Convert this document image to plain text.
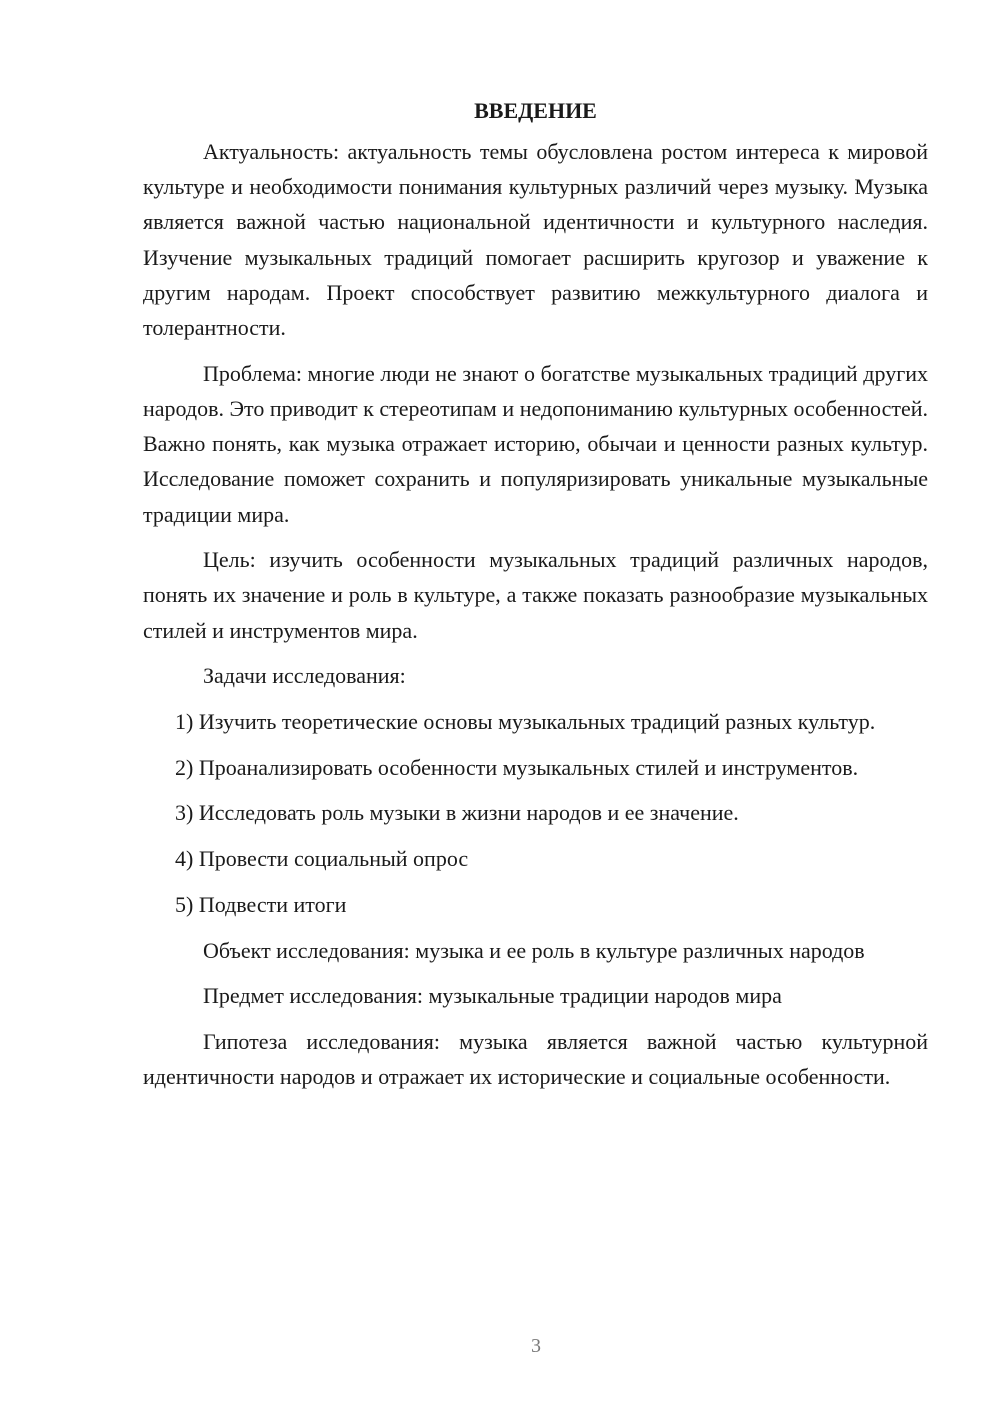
ВВЕДЕНИЕ

Актуальность: актуальность темы обусловлена ростом интереса к мировой культуре и необходимости понимания культурных различий через музыку. Музыка является важной частью национальной идентичности и культурного наследия. Изучение музыкальных традиций помогает расширить кругозор и уважение к другим народам. Проект способствует развитию межкультурного диалога и толерантности.

Проблема: многие люди не знают о богатстве музыкальных традиций других народов. Это приводит к стереотипам и недопониманию культурных особенностей. Важно понять, как музыка отражает историю, обычаи и ценности разных культур. Исследование поможет сохранить и популяризировать уникальные музыкальные традиции мира.

Цель: изучить особенности музыкальных традиций различных народов, понять их значение и роль в культуре, а также показать разнообразие музыкальных стилей и инструментов мира.

Задачи исследования:

1) Изучить теоретические основы музыкальных традиций разных культур.

2) Проанализировать особенности музыкальных стилей и инструментов.

3) Исследовать роль музыки в жизни народов и ее значение.

4) Провести социальный опрос

5) Подвести итоги

Объект исследования: музыка и ее роль в культуре различных народов

Предмет исследования: музыкальные традиции народов мира

Гипотеза исследования: музыка является важной частью культурной идентичности народов и отражает их исторические и социальные особенности.

3
